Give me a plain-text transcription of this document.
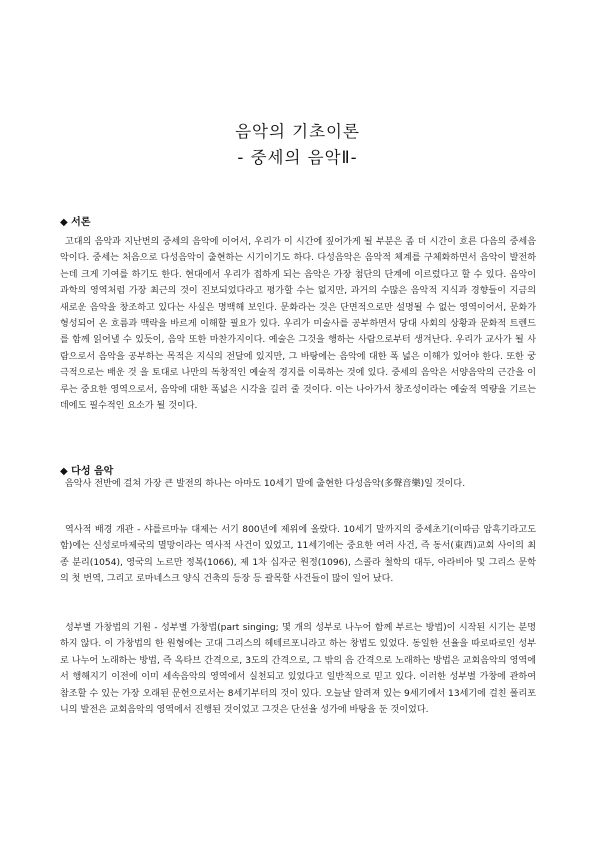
음악의 기초이론
- 중세의 음악Ⅱ-
◆ 서론
고대의 음악과 지난번의 중세의 음악에 이어서, 우리가 이 시간에 짚어가게 될 부분은 좀 더 시간이 흐른 다음의 중세음악이다. 중세는 처음으로 다성음악이 출현하는 시기이기도 하다. 다성음악은 음악적 체계를 구체화하면서 음악이 발전하는데 크게 기여를 하기도 한다. 현대에서 우리가 접하게 되는 음악은 가장 첨단의 단계에 이르렀다고 할 수 있다. 음악이 과학의 영역처럼 가장 최근의 것이 진보되었다라고 평가할 수는 없지만, 과거의 수많은 음악적 지식과 경향들이 지금의 새로운 음악을 창조하고 있다는 사실은 명백해 보인다. 문화라는 것은 단면적으로만 설명될 수 없는 영역이어서, 문화가 형성되어 온 흐름과 맥락을 바르게 이해할 필요가 있다. 우리가 미술사를 공부하면서 당대 사회의 상황과 문화적 트렌드를 함께 읽어낼 수 있듯이, 음악 또한 마찬가지이다. 예술은 그것을 행하는 사람으로부터 생겨난다. 우리가 교사가 될 사람으로서 음악을 공부하는 목적은 지식의 전달에 있지만, 그 바탕에는 음악에 대한 폭 넓은 이해가 있어야 한다. 또한 궁극적으로는 배운 것 을 토대로 나만의 독창적인 예술적 경지를 이룩하는 것에 있다. 중세의 음악은 서양음악의 근간을 이루는 중요한 영역으로서, 음악에 대한 폭넓은 시각을 길러 줄 것이다. 이는 나아가서 창조성이라는 예술적 역량을 기르는 데에도 필수적인 요소가 될 것이다.
◆ 다성 음악
음악사 전반에 걸쳐 가장 큰 발전의 하나는 아마도 10세기 말에 출현한 다성음악(多聲音樂)일 것이다.
역사적 배경 개관 - 샤를르마뉴 대제는 서기 800년에 제위에 올랐다. 10세기 말까지의 중세초기(이따금 암흑기라고도 함)에는 신성로마제국의 멸망이라는 역사적 사건이 있었고, 11세기에는 중요한 여러 사건, 즉 동서(東西)교회 사이의 최종 분리(1054), 영국의 노르만 정복(1066), 제 1차 십자군 원정(1096), 스콜라 철학의 대두, 아라비아 및 그리스 문학의 첫 번역, 그리고 로마네스크 양식 건축의 등장 등 괄목할 사건들이 많이 일어 났다.
성부별 가창법의 기원 - 성부별 가창법(part singing; 몇 개의 성부로 나누어 함께 부르는 방법)이 시작된 시기는 분명하지 않다. 이 가창법의 한 원형에는 고대 그리스의 헤테르포니라고 하는 창법도 있었다. 동일한 선율을 따로따로인 성부로 나누어 노래하는 방법, 즉 옥타브 간격으로, 3도의 간격으로, 그 밖의 음 간격으로 노래하는 방법은 교회음악의 영역에서 행해지기 이전에 이미 세속음악의 영역에서 실천되고 있었다고 일반적으로 믿고 있다. 이러한 성부별 가창에 관하여 참조할 수 있는 가장 오래된 문헌으로서는 8세기부터의 것이 있다. 오늘날 알려져 있는 9세기에서 13세기에 걸친 폴리포니의 발전은 교회음악의 영역에서 진행된 것이었고 그것은 단선율 성가에 바탕을 둔 것이었다.
